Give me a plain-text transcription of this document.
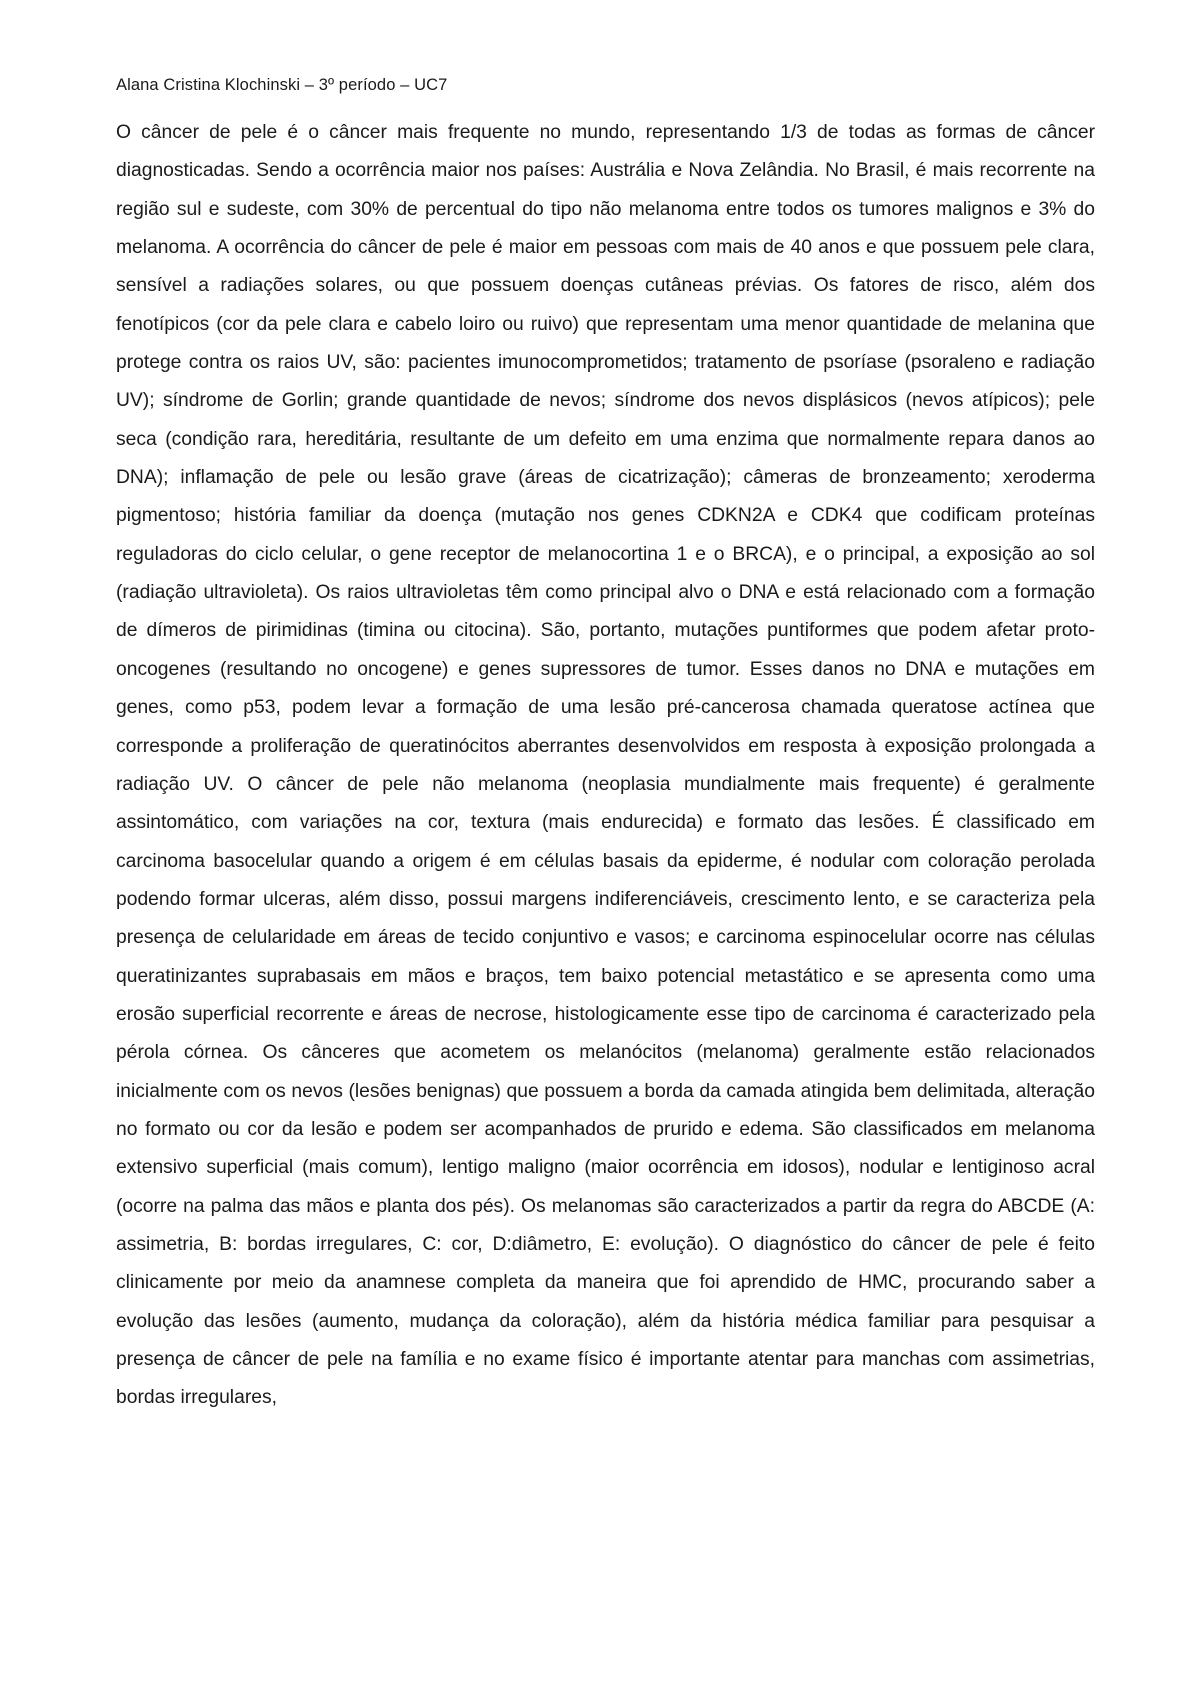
Alana Cristina Klochinski – 3º período – UC7

O câncer de pele é o câncer mais frequente no mundo, representando 1/3 de todas as formas de câncer diagnosticadas. Sendo a ocorrência maior nos países: Austrália e Nova Zelândia. No Brasil, é mais recorrente na região sul e sudeste, com 30% de percentual do tipo não melanoma entre todos os tumores malignos e 3% do melanoma. A ocorrência do câncer de pele é maior em pessoas com mais de 40 anos e que possuem pele clara, sensível a radiações solares, ou que possuem doenças cutâneas prévias. Os fatores de risco, além dos fenotípicos (cor da pele clara e cabelo loiro ou ruivo) que representam uma menor quantidade de melanina que protege contra os raios UV, são: pacientes imunocomprometidos; tratamento de psoríase (psoraleno e radiação UV); síndrome de Gorlin; grande quantidade de nevos; síndrome dos nevos displásicos (nevos atípicos); pele seca (condição rara, hereditária, resultante de um defeito em uma enzima que normalmente repara danos ao DNA); inflamação de pele ou lesão grave (áreas de cicatrização); câmeras de bronzeamento; xeroderma pigmentoso; história familiar da doença (mutação nos genes CDKN2A e CDK4 que codificam proteínas reguladoras do ciclo celular, o gene receptor de melanocortina 1 e o BRCA), e o principal, a exposição ao sol (radiação ultravioleta). Os raios ultravioletas têm como principal alvo o DNA e está relacionado com a formação de dímeros de pirimidinas (timina ou citocina). São, portanto, mutações puntiformes que podem afetar proto-oncogenes (resultando no oncogene) e genes supressores de tumor. Esses danos no DNA e mutações em genes, como p53, podem levar a formação de uma lesão pré-cancerosa chamada queratose actínea que corresponde a proliferação de queratinócitos aberrantes desenvolvidos em resposta à exposição prolongada a radiação UV. O câncer de pele não melanoma (neoplasia mundialmente mais frequente) é geralmente assintomático, com variações na cor, textura (mais endurecida) e formato das lesões. É classificado em carcinoma basocelular quando a origem é em células basais da epiderme, é nodular com coloração perolada podendo formar ulceras, além disso, possui margens indiferenciáveis, crescimento lento, e se caracteriza pela presença de celularidade em áreas de tecido conjuntivo e vasos; e carcinoma espinocelular ocorre nas células queratinizantes suprabasais em mãos e braços, tem baixo potencial metastático e se apresenta como uma erosão superficial recorrente e áreas de necrose, histologicamente esse tipo de carcinoma é caracterizado pela pérola córnea. Os cânceres que acometem os melanócitos (melanoma) geralmente estão relacionados inicialmente com os nevos (lesões benignas) que possuem a borda da camada atingida bem delimitada, alteração no formato ou cor da lesão e podem ser acompanhados de prurido e edema. São classificados em melanoma extensivo superficial (mais comum), lentigo maligno (maior ocorrência em idosos), nodular e lentiginoso acral (ocorre na palma das mãos e planta dos pés). Os melanomas são caracterizados a partir da regra do ABCDE (A: assimetria, B: bordas irregulares, C: cor, D:diâmetro, E: evolução). O diagnóstico do câncer de pele é feito clinicamente por meio da anamnese completa da maneira que foi aprendido de HMC, procurando saber a evolução das lesões (aumento, mudança da coloração), além da história médica familiar para pesquisar a presença de câncer de pele na família e no exame físico é importante atentar para manchas com assimetrias, bordas irregulares,
